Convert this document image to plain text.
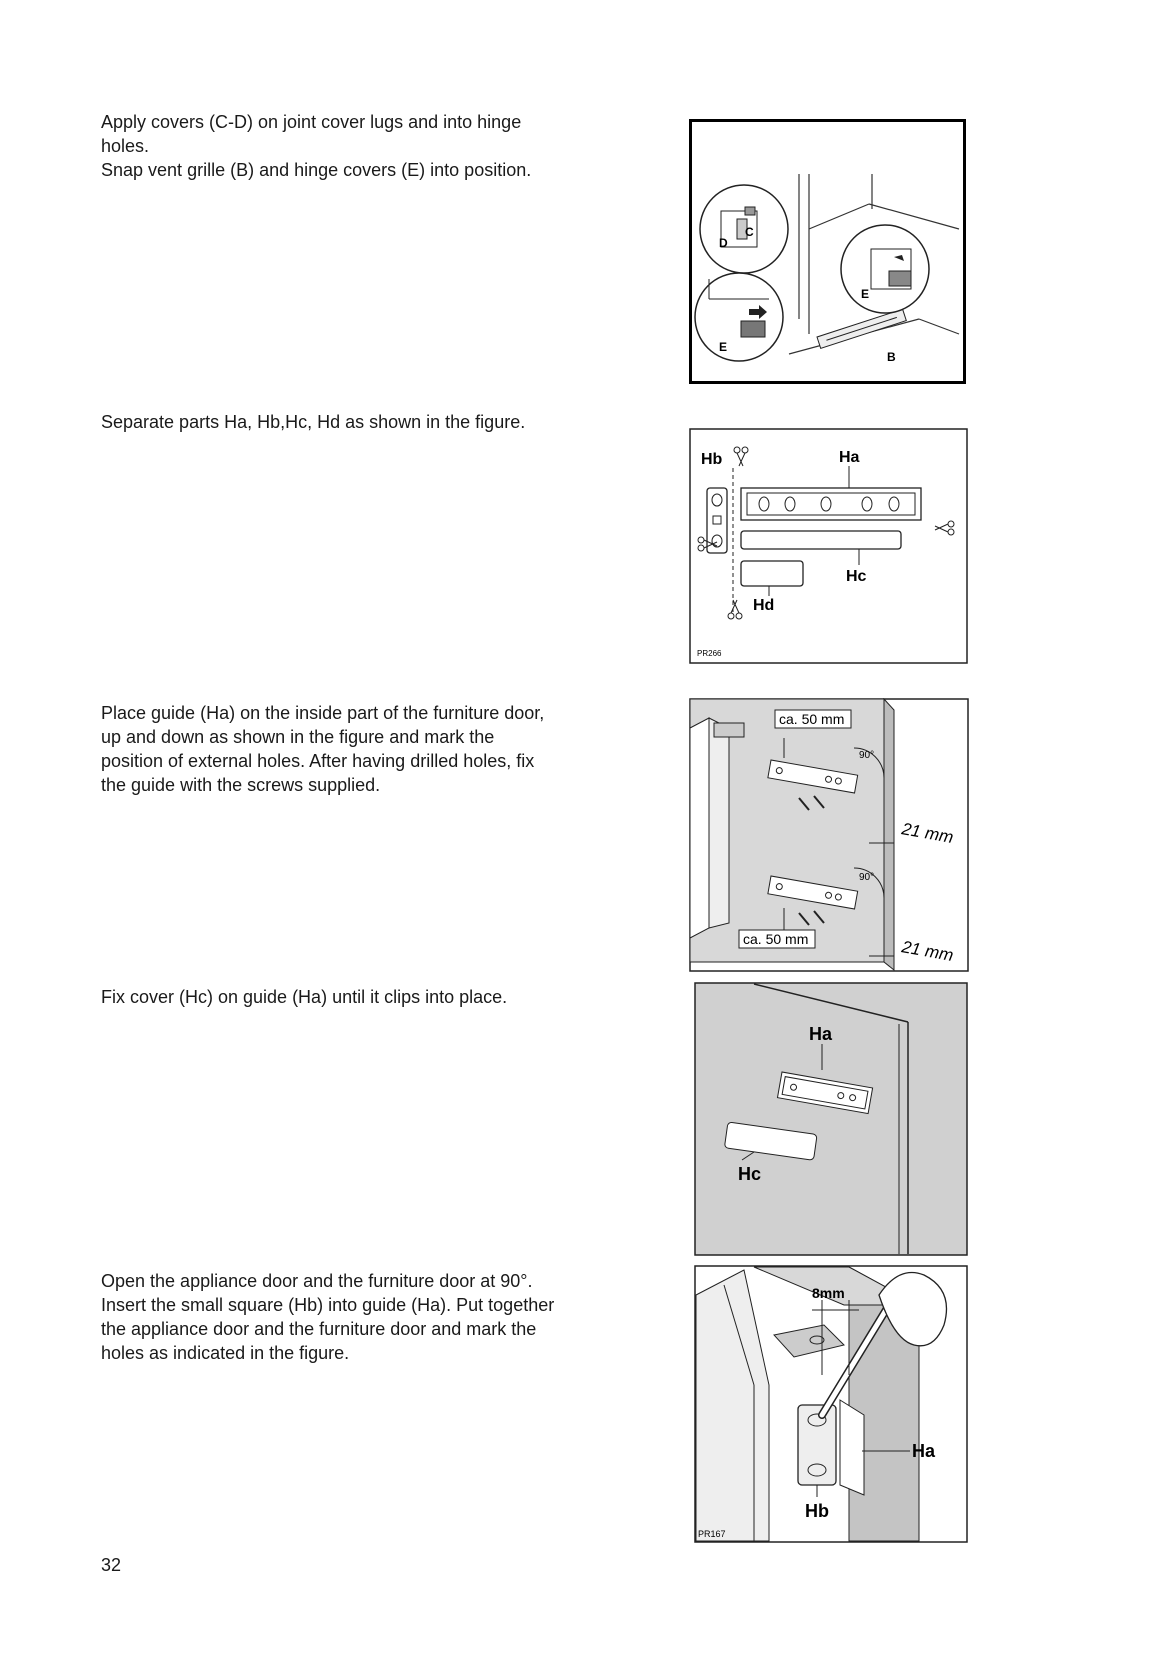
Apply covers (C-D) on joint cover lugs and into hinge holes.

Snap vent grille (B) and hinge covers (E) into position.

Separate parts Ha, Hb,Hc, Hd as shown in the figure.

Place guide (Ha) on the inside part of the furniture door, up and down as shown in the figure and mark the position of external holes. After having drilled holes, fix the guide with the screws supplied.

Fix cover (Hc) on guide (Ha) until it clips into place.

Open the appliance door and the furniture door at 90°. Insert the small square (Hb) into guide (Ha). Put together the appliance door and the furniture door and mark the holes as indicated in the figure.

D
C
E
E
B
Hb	Ha
Hc
Hd
PR266
ca. 50 mm
ca. 50 mm
90°
90°
21 mm
21 mm
Ha
Hc
8mm
Ha
Hb
PR167
32
